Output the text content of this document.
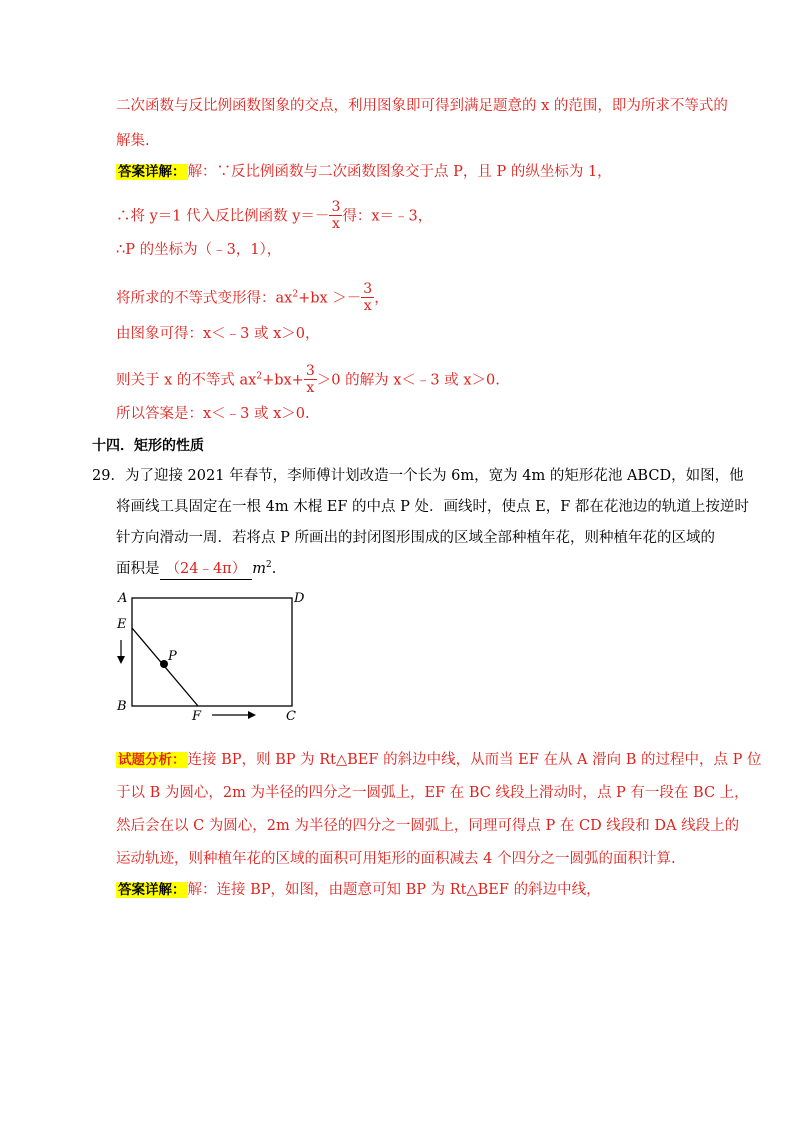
二次函数与反比例函数图象的交点，利用图象即可得到满足题意的 x 的范围，即为所求不等式的
解集.
答案详解： 解：∵反比例函数与二次函数图象交于点 P，且 P 的纵坐标为 1，
∴将 y＝1 代入反比例函数 $y=- \frac{3}{x}$ 得：x＝﹣3，
∴P 的坐标为（﹣3，1），
将所求的不等式变形得：$ax^2+bx >- \frac{3}{x}$ ，
由图象可得：x＜﹣3 或 x＞0，
则关于 x 的不等式 $ax^2+bx+ \frac{3}{x} >0$ 的解为 x＜﹣3 或 x＞0.
所以答案是：x＜﹣3 或 x＞0.
十四．矩形的性质
29．为了迎接 2021 年春节，李师傅计划改造一个长为 6m，宽为 4m 的矩形花池 ABCD，如图，他
将画线工具固定在一根 4m 木棍 EF 的中点 P 处．画线时，使点 E，F 都在花池边的轨道上按逆时
针方向滑动一周．若将点 P 所画出的封闭图形围成的区域全部种植年花，则种植年花的区域的
面积是 （24﹣4π） $m^2$.
A	D
E
P
B
F	C
试题分析： 连接 BP，则 BP 为 Rt△BEF 的斜边中线，从而当 EF 在从 A 滑向 B 的过程中，点 P 位
于以 B 为圆心，2m 为半径的四分之一圆弧上，EF 在 BC 线段上滑动时，点 P 有一段在 BC 上，
然后会在以 C 为圆心，2m 为半径的四分之一圆弧上，同理可得点 P 在 CD 线段和 DA 线段上的
运动轨迹，则种植年花的区域的面积可用矩形的面积减去 4 个四分之一圆弧的面积计算.
答案详解： 解：连接 BP，如图，由题意可知 BP 为 Rt△BEF 的斜边中线，
